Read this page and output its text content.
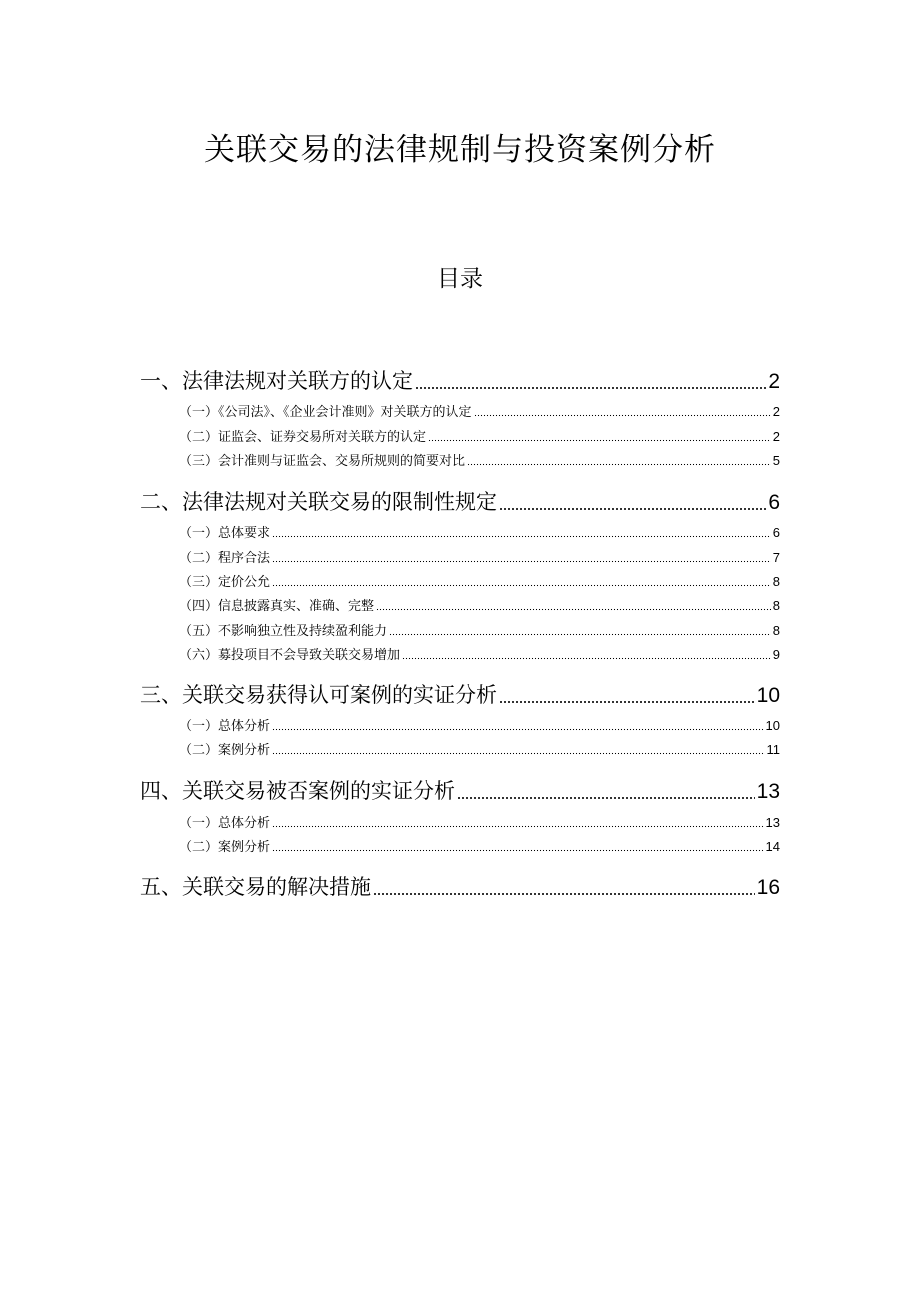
关联交易的法律规制与投资案例分析
目录
一、法律法规对关联方的认定	2
（一）《公司法》、《企业会计准则》对关联方的认定	2
（二）证监会、证券交易所对关联方的认定	2
（三）会计准则与证监会、交易所规则的简要对比	5
二、法律法规对关联交易的限制性规定	6
（一）总体要求	6
（二）程序合法	7
（三）定价公允	8
（四）信息披露真实、准确、完整	8
（五）不影响独立性及持续盈利能力	8
（六）募投项目不会导致关联交易增加	9
三、关联交易获得认可案例的实证分析	10
（一）总体分析	10
（二）案例分析	11
四、关联交易被否案例的实证分析	13
（一）总体分析	13
（二）案例分析	14
五、关联交易的解决措施	16
